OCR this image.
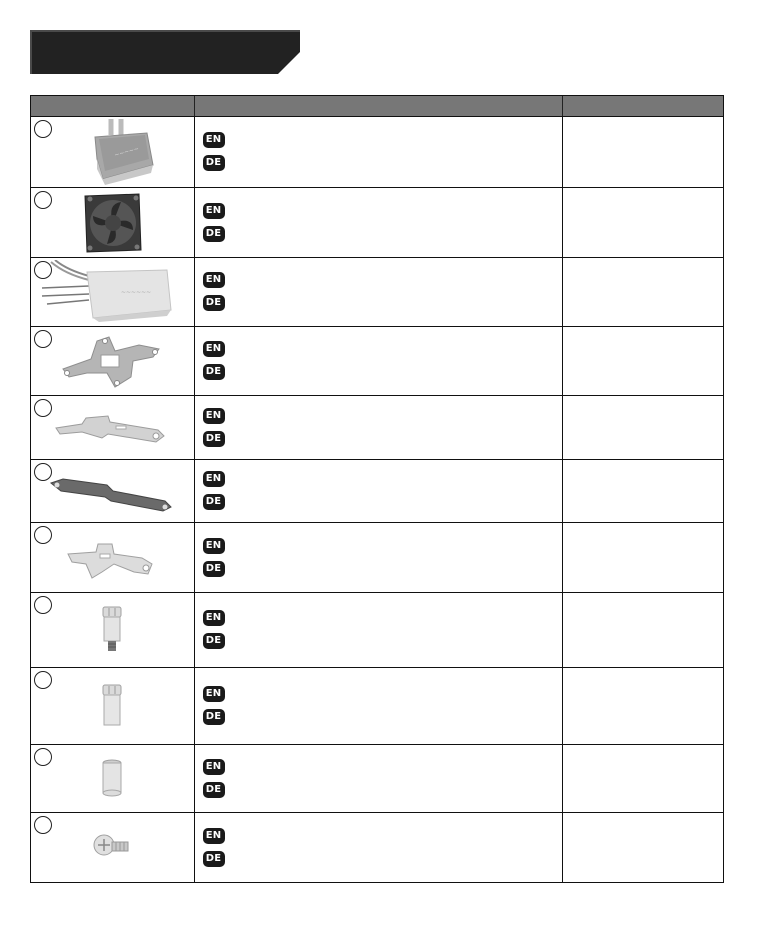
~~~~~
EN
DE
EN
DE
~~~~~~
EN
DE
EN
DE
EN
DE
EN
DE
EN
DE
EN
DE
EN
DE
EN
DE
EN
DE
